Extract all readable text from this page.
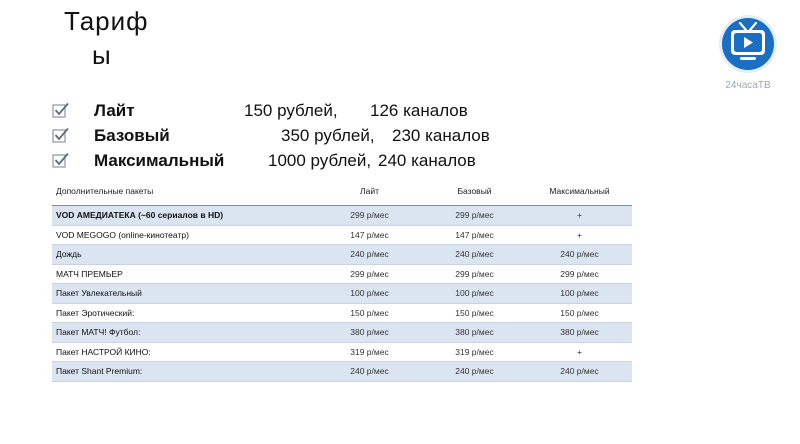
Тариф
ы
24часаТВ
Лайт	150 рублей, 126 каналов
Базовый	350 рублей, 230 каналов
Максимальный	1000 рублей, 240 каналов
Дополнительные пакеты	Лайт	Базовый	Максимальный
VOD АМЕДИАТЕКА (~60 сериалов в HD)	299 р/мес	299 р/мес	+
VOD MEGOGO (online-кинотеатр)	147 р/мес	147 р/мес	+
Дождь	240 р/мес	240 р/мес	240 р/мес
МАТЧ ПРЕМЬЕР	299 р/мес	299 р/мес	299 р/мес
Пакет Увлекательный	100 р/мес	100 р/мес	100 р/мес
Пакет Эротический:	150 р/мес	150 р/мес	150 р/мес
Пакет МАТЧ! Футбол:	380 р/мес	380 р/мес	380 р/мес
Пакет НАСТРОЙ КИНО:	319 р/мес	319 р/мес	+
Пакет Shant Premium:	240 р/мес	240 р/мес	240 р/мес
